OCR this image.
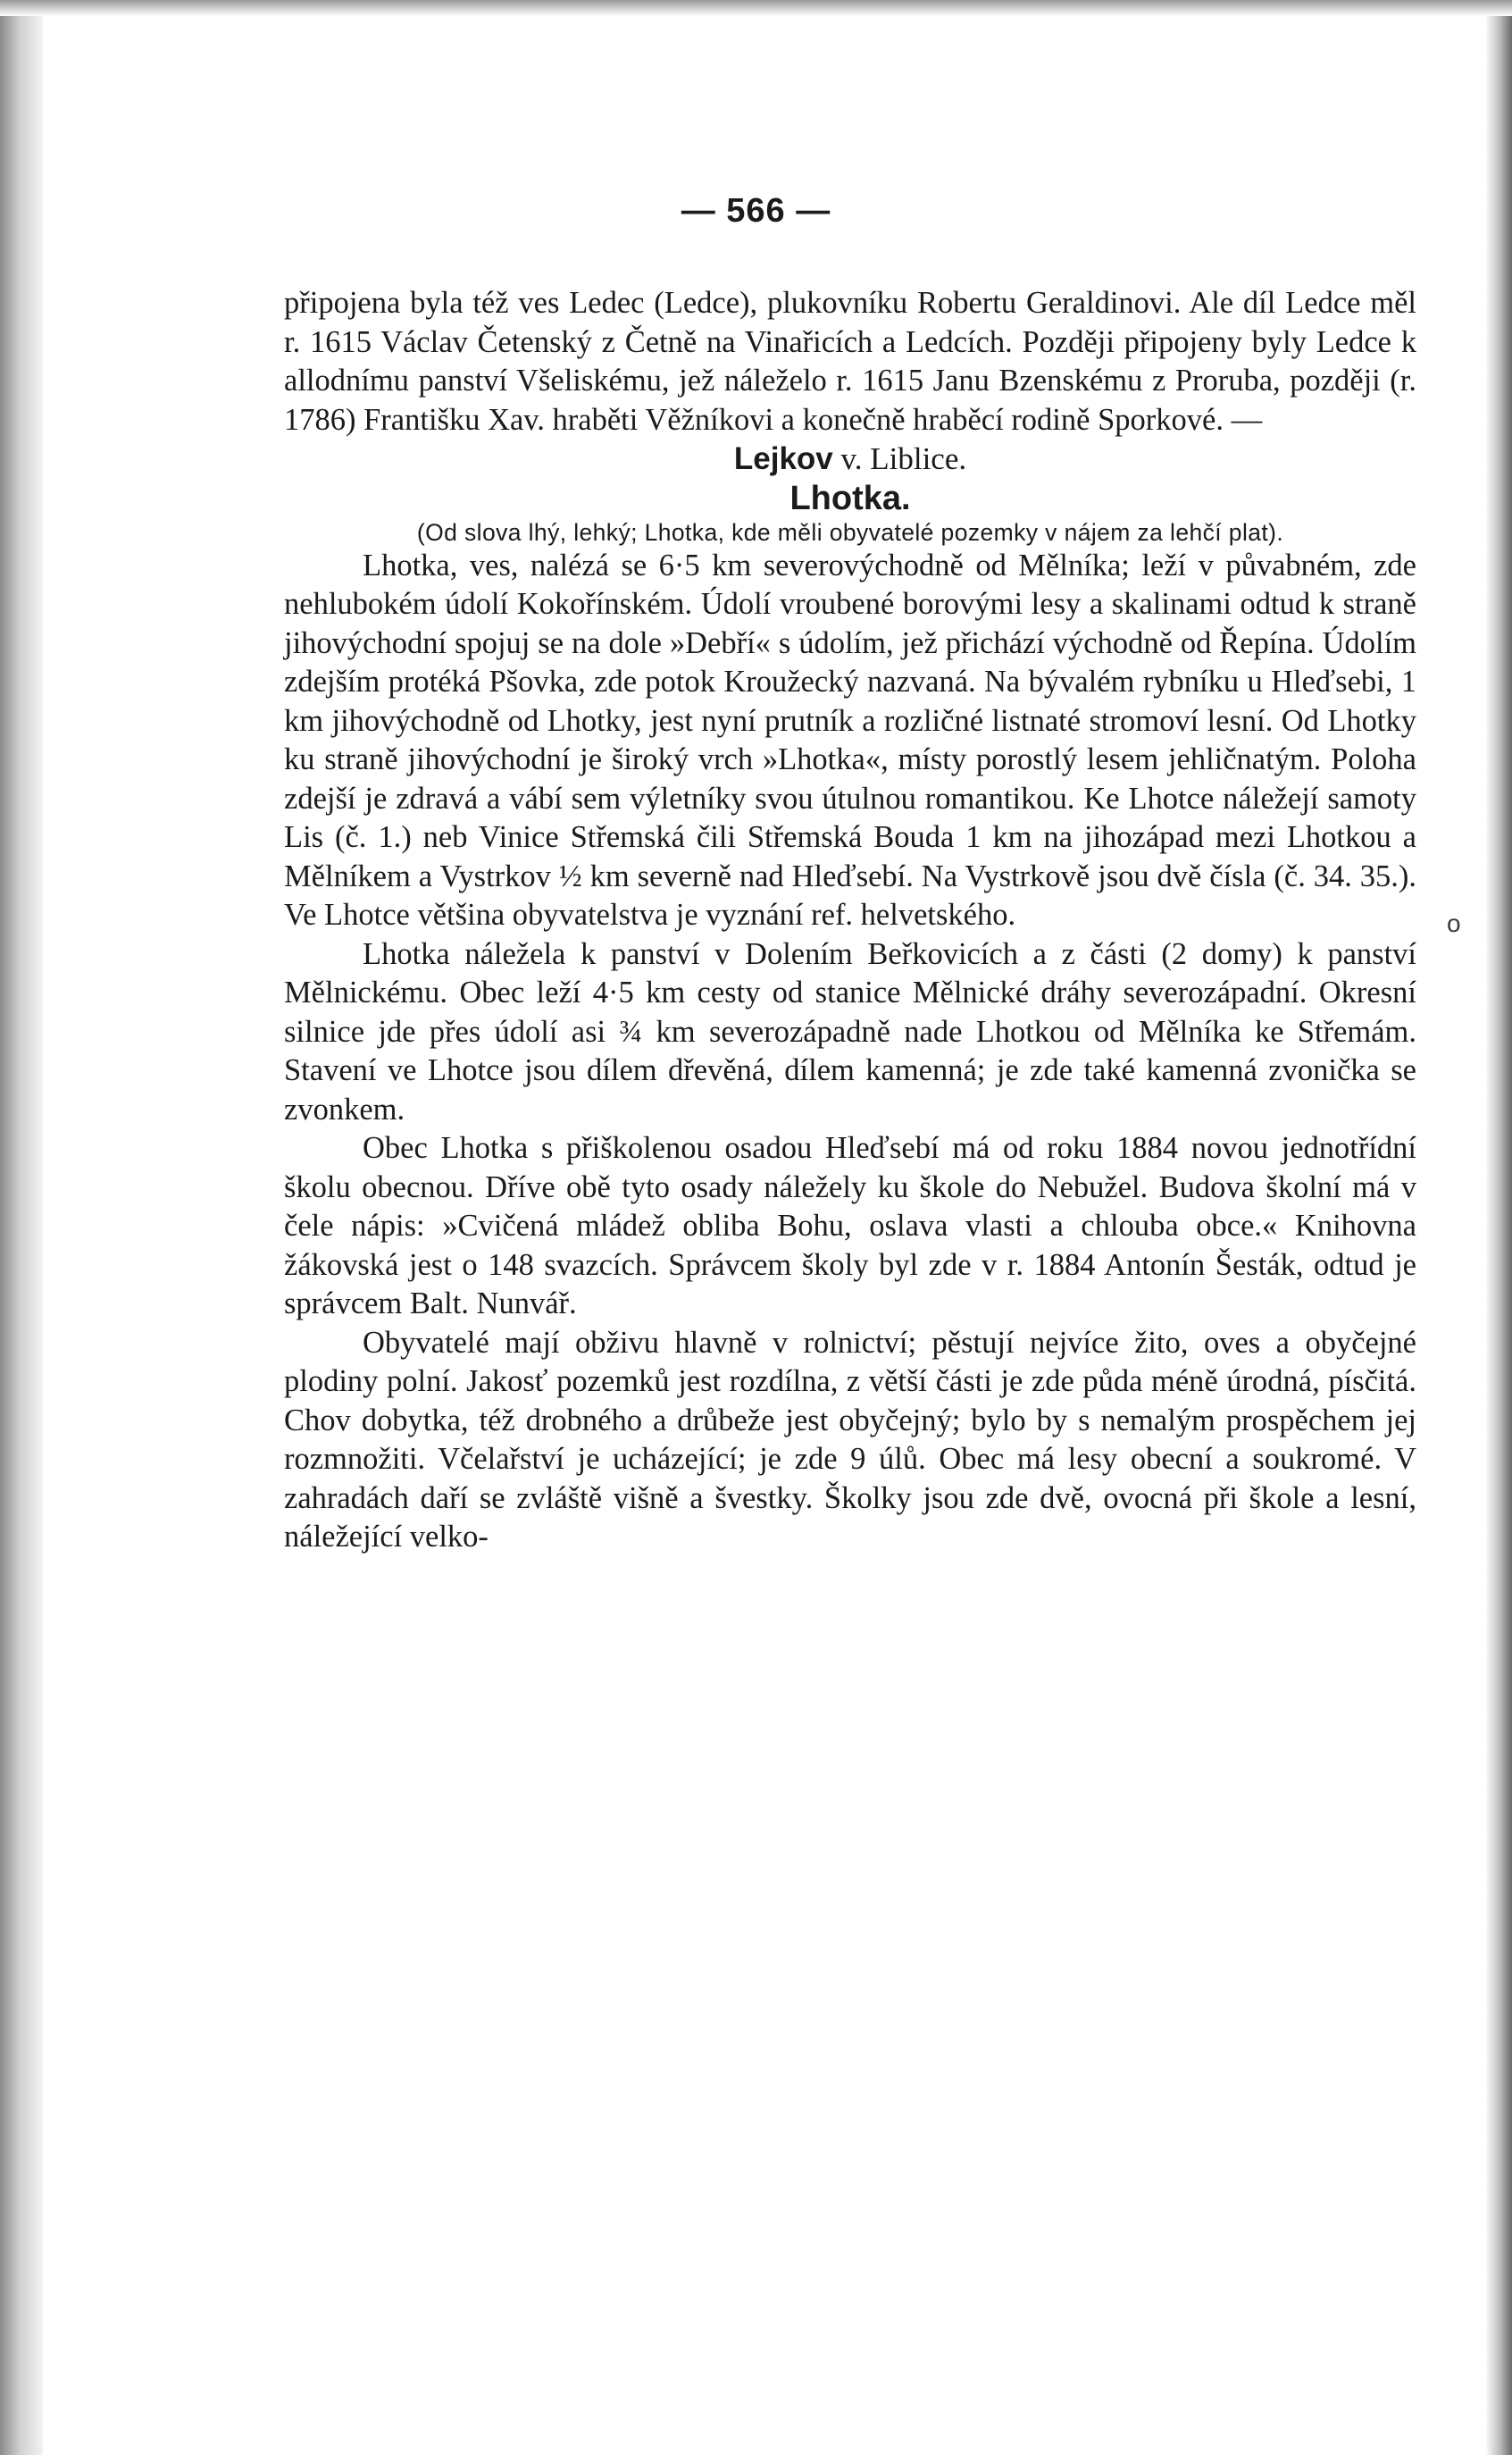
— 566 —

připojena byla též ves Ledec (Ledce), plukovníku Robertu Geraldinovi. Ale díl Ledce měl r. 1615 Václav Četenský z Četně na Vinařicích a Ledcích. Později připojeny byly Ledce k allodnímu panství Všeliskému, jež náleželo r. 1615 Janu Bzenskému z Proruba, později (r. 1786) Františku Xav. hraběti Věžníkovi a konečně hraběcí rodině Sporkové. —

Lejkov v. Liblice.

Lhotka.

(Od slova lhý, lehký; Lhotka, kde měli obyvatelé pozemky v nájem za lehčí plat).

Lhotka, ves, nalézá se 6·5 km severovýchodně od Mělníka; leží v půvabném, zde nehlubokém údolí Kokořínském. Údolí vroubené borovými lesy a skalinami odtud k straně jihovýchodní spojuj se na dole »Debří« s údolím, jež přichází východně od Řepína. Údolím zdejším protéká Pšovka, zde potok Kroužecký nazvaná. Na bývalém rybníku u Hleďsebi, 1 km jihovýchodně od Lhotky, jest nyní prutník a rozličné listnaté stromoví lesní. Od Lhotky ku straně jihovýchodní je široký vrch »Lhotka«, místy porostlý lesem jehličnatým. Poloha zdejší je zdravá a vábí sem výletníky svou útulnou romantikou. Ke Lhotce náležejí samoty Lis (č. 1.) neb Vinice Střemská čili Střemská Bouda 1 km na jihozápad mezi Lhotkou a Mělníkem a Vystrkov ½ km severně nad Hleďsebí. Na Vystrkově jsou dvě čísla (č. 34. 35.). Ve Lhotce většina obyvatelstva je vyznání ref. helvetského.

Lhotka náležela k panství v Dolením Beřkovicích a z části (2 domy) k panství Mělnickému. Obec leží 4·5 km cesty od stanice Mělnické dráhy severozápadní. Okresní silnice jde přes údolí asi ¾ km severozápadně nade Lhotkou od Mělníka ke Střemám. Stavení ve Lhotce jsou dílem dřevěná, dílem kamenná; je zde také kamenná zvonička se zvonkem.

Obec Lhotka s přiškolenou osadou Hleďsebí má od roku 1884 novou jednotřídní školu obecnou. Dříve obě tyto osady náležely ku škole do Nebužel. Budova školní má v čele nápis: »Cvičená mládež obliba Bohu, oslava vlasti a chlouba obce.« Knihovna žákovská jest o 148 svazcích. Správcem školy byl zde v r. 1884 Antonín Šesták, odtud je správcem Balt. Nunvář.

Obyvatelé mají obživu hlavně v rolnictví; pěstují nejvíce žito, oves a obyčejné plodiny polní. Jakosť pozemků jest rozdílna, z větší části je zde půda méně úrodná, písčitá. Chov dobytka, též drobného a drůbeže jest obyčejný; bylo by s nemalým prospěchem jej rozmnožiti. Včelařství je ucházející; je zde 9 úlů. Obec má lesy obecní a soukromé. V zahradách daří se zvláště višně a švestky. Školky jsou zde dvě, ovocná při škole a lesní, náležející velko-

o
